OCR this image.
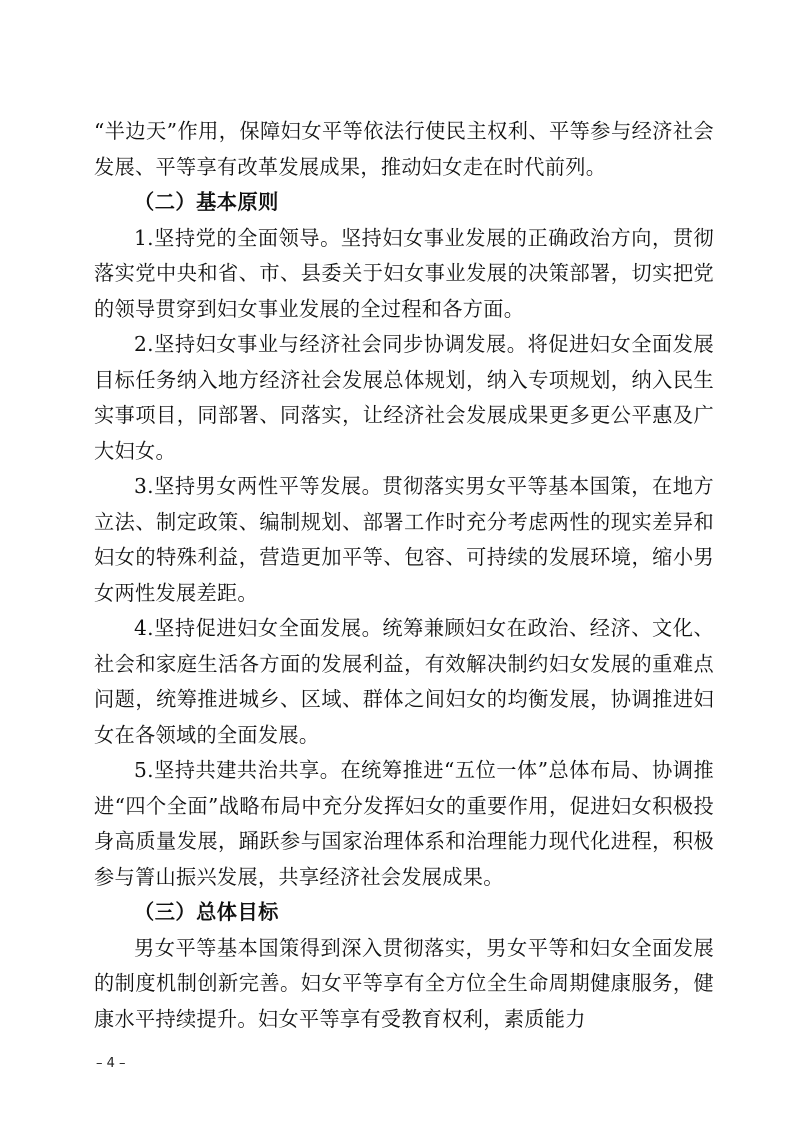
“半边天”作用，保障妇女平等依法行使民主权利、平等参与经济社会发展、平等享有改革发展成果，推动妇女走在时代前列。

（二）基本原则

1.坚持党的全面领导。坚持妇女事业发展的正确政治方向，贯彻落实党中央和省、市、县委关于妇女事业发展的决策部署，切实把党的领导贯穿到妇女事业发展的全过程和各方面。

2.坚持妇女事业与经济社会同步协调发展。将促进妇女全面发展目标任务纳入地方经济社会发展总体规划，纳入专项规划，纳入民生实事项目，同部署、同落实，让经济社会发展成果更多更公平惠及广大妇女。

3.坚持男女两性平等发展。贯彻落实男女平等基本国策，在地方立法、制定政策、编制规划、部署工作时充分考虑两性的现实差异和妇女的特殊利益，营造更加平等、包容、可持续的发展环境，缩小男女两性发展差距。

4.坚持促进妇女全面发展。统筹兼顾妇女在政治、经济、文化、社会和家庭生活各方面的发展利益，有效解决制约妇女发展的重难点问题，统筹推进城乡、区域、群体之间妇女的均衡发展，协调推进妇女在各领域的全面发展。

5.坚持共建共治共享。在统筹推进“五位一体”总体布局、协调推进“四个全面”战略布局中充分发挥妇女的重要作用，促进妇女积极投身高质量发展，踊跃参与国家治理体系和治理能力现代化进程，积极参与箐山振兴发展，共享经济社会发展成果。

（三）总体目标

男女平等基本国策得到深入贯彻落实，男女平等和妇女全面发展的制度机制创新完善。妇女平等享有全方位全生命周期健康服务，健康水平持续提升。妇女平等享有受教育权利，素质能力

– 4 –
